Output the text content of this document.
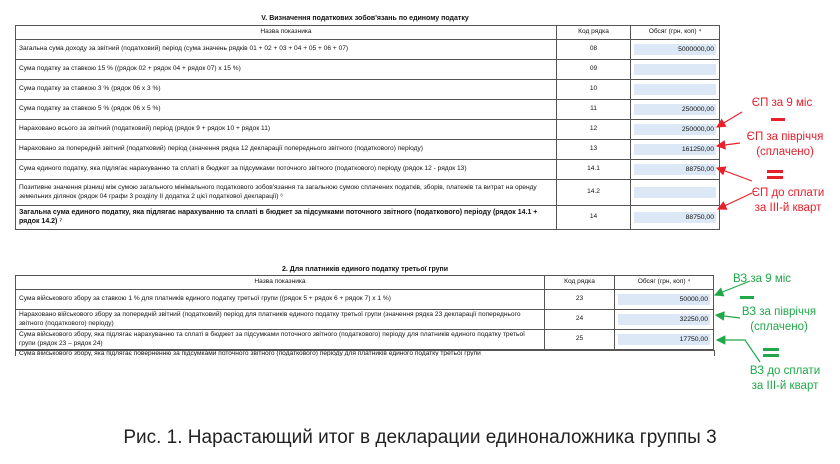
V. Визначення податкових зобов'язань по единому податку
Назва показника	Код рядка	Обсяг (грн, коп) ⁴
Загальна сума доходу за звітний (податковий) період (сума значень рядків 01 + 02 + 03 + 04 + 05 + 06 + 07)	08	5000000,00

Сума податку за ставкою 15 % ((рядок 02 + рядок 04 + рядок 07) х 15 %)	09	

Сума податку за ставкою 3 % (рядок 06 х 3 %)	10	

Сума податку за ставкою 5 % (рядок 06 х 5 %)	11	250000,00

Нараховано всього за звітний (податковий) період (рядок 9 + рядок 10 + рядок 11)	12	250000,00

Нараховано за попередній звітний (податковий) період (значення рядка 12 декларації попереднього звітного (податкового) періоду)	13	161250,00

Сума единого податку, яка підлягає нарахуванню та сплаті в бюджет за підсумками поточного звітного (податкового) періоду (рядок 12 - рядок 13)	14.1	88750,00

Позитивне значення різниці між сумою загального мінімального податкового зобов'язання та загальною сумою сплачених податків, зборів, платежів та витрат на оренду земельних ділянок (рядок 04 графи 3 розділу II додатка 2 цієї податкової декларації) ⁶	14.2	

Загальна сума единого податку, яка підлягає нарахуванню та сплаті в бюджет за підсумками поточного звітного (податкового) періоду (рядок 14.1 + рядок 14.2) ⁷	14	88750,00
2. Для платників единого податку третьої групи
Назва показника	Код рядка	Обсяг (грн, коп) ⁴
Сума військового збору за ставкою 1 % для платників единого податку третьої групи ((рядок 5 + рядок 6 + рядок 7) х 1 %)	23	50000,00

Нараховано військового збору за попередній звітний (податковий) період для платників единого податку третьої групи (значення рядка 23 декларації попереднього звітного (податкового) періоду)	24	32250,00

Сума військового збору, яка підлягає нарахуванню та сплаті в бюджет за підсумками поточного звітного (податкового) періоду для платників единого податку третьої групи (рядок 23 – рядок 24)	25	17750,00
Сума військового збору, яка підлягає поверненню за підсумками поточного звітного (податкового) періоду для платників единого податку третьої групи
ЄП за 9 міс
ЄП за півріччя
(сплачено)
ЄП до сплати
за III-й кварт
ВЗ за 9 міс
ВЗ за півріччя
(сплачено)
ВЗ до сплати
за III-й кварт
Рис. 1. Нарастающий итог в декларации единоналожника группы 3
